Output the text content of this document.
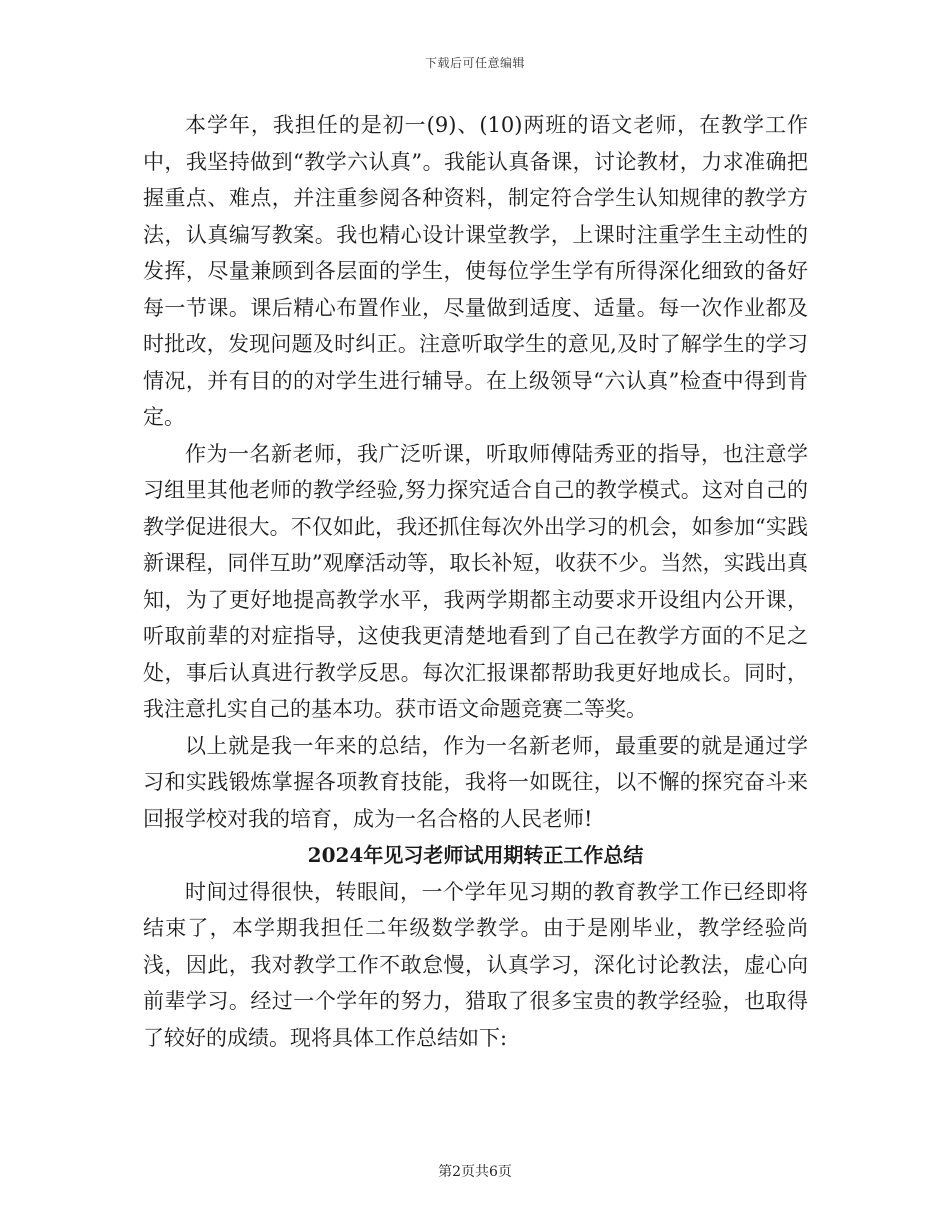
下载后可任意编辑

本学年，我担任的是初一(9)、(10)两班的语文老师，在教学工作中，我坚持做到“教学六认真”。我能认真备课，讨论教材，力求准确把握重点、难点，并注重参阅各种资料，制定符合学生认知规律的教学方法，认真编写教案。我也精心设计课堂教学，上课时注重学生主动性的发挥，尽量兼顾到各层面的学生，使每位学生学有所得深化细致的备好每一节课。课后精心布置作业，尽量做到适度、适量。每一次作业都及时批改，发现问题及时纠正。注意听取学生的意见,及时了解学生的学习情况，并有目的的对学生进行辅导。在上级领导“六认真”检查中得到肯定。

作为一名新老师，我广泛听课，听取师傅陆秀亚的指导，也注意学习组里其他老师的教学经验,努力探究适合自己的教学模式。这对自己的教学促进很大。不仅如此，我还抓住每次外出学习的机会，如参加“实践新课程，同伴互助”观摩活动等，取长补短，收获不少。当然，实践出真知，为了更好地提高教学水平，我两学期都主动要求开设组内公开课，听取前辈的对症指导，这使我更清楚地看到了自己在教学方面的不足之处，事后认真进行教学反思。每次汇报课都帮助我更好地成长。同时，我注意扎实自己的基本功。获市语文命题竞赛二等奖。

以上就是我一年来的总结，作为一名新老师，最重要的就是通过学习和实践锻炼掌握各项教育技能，我将一如既往，以不懈的探究奋斗来回报学校对我的培育，成为一名合格的人民老师!

2024年见习老师试用期转正工作总结

时间过得很快，转眼间，一个学年见习期的教育教学工作已经即将结束了，本学期我担任二年级数学教学。由于是刚毕业，教学经验尚浅，因此，我对教学工作不敢怠慢，认真学习，深化讨论教法，虚心向前辈学习。经过一个学年的努力，猎取了很多宝贵的教学经验，也取得了较好的成绩。现将具体工作总结如下:

第2页共6页
